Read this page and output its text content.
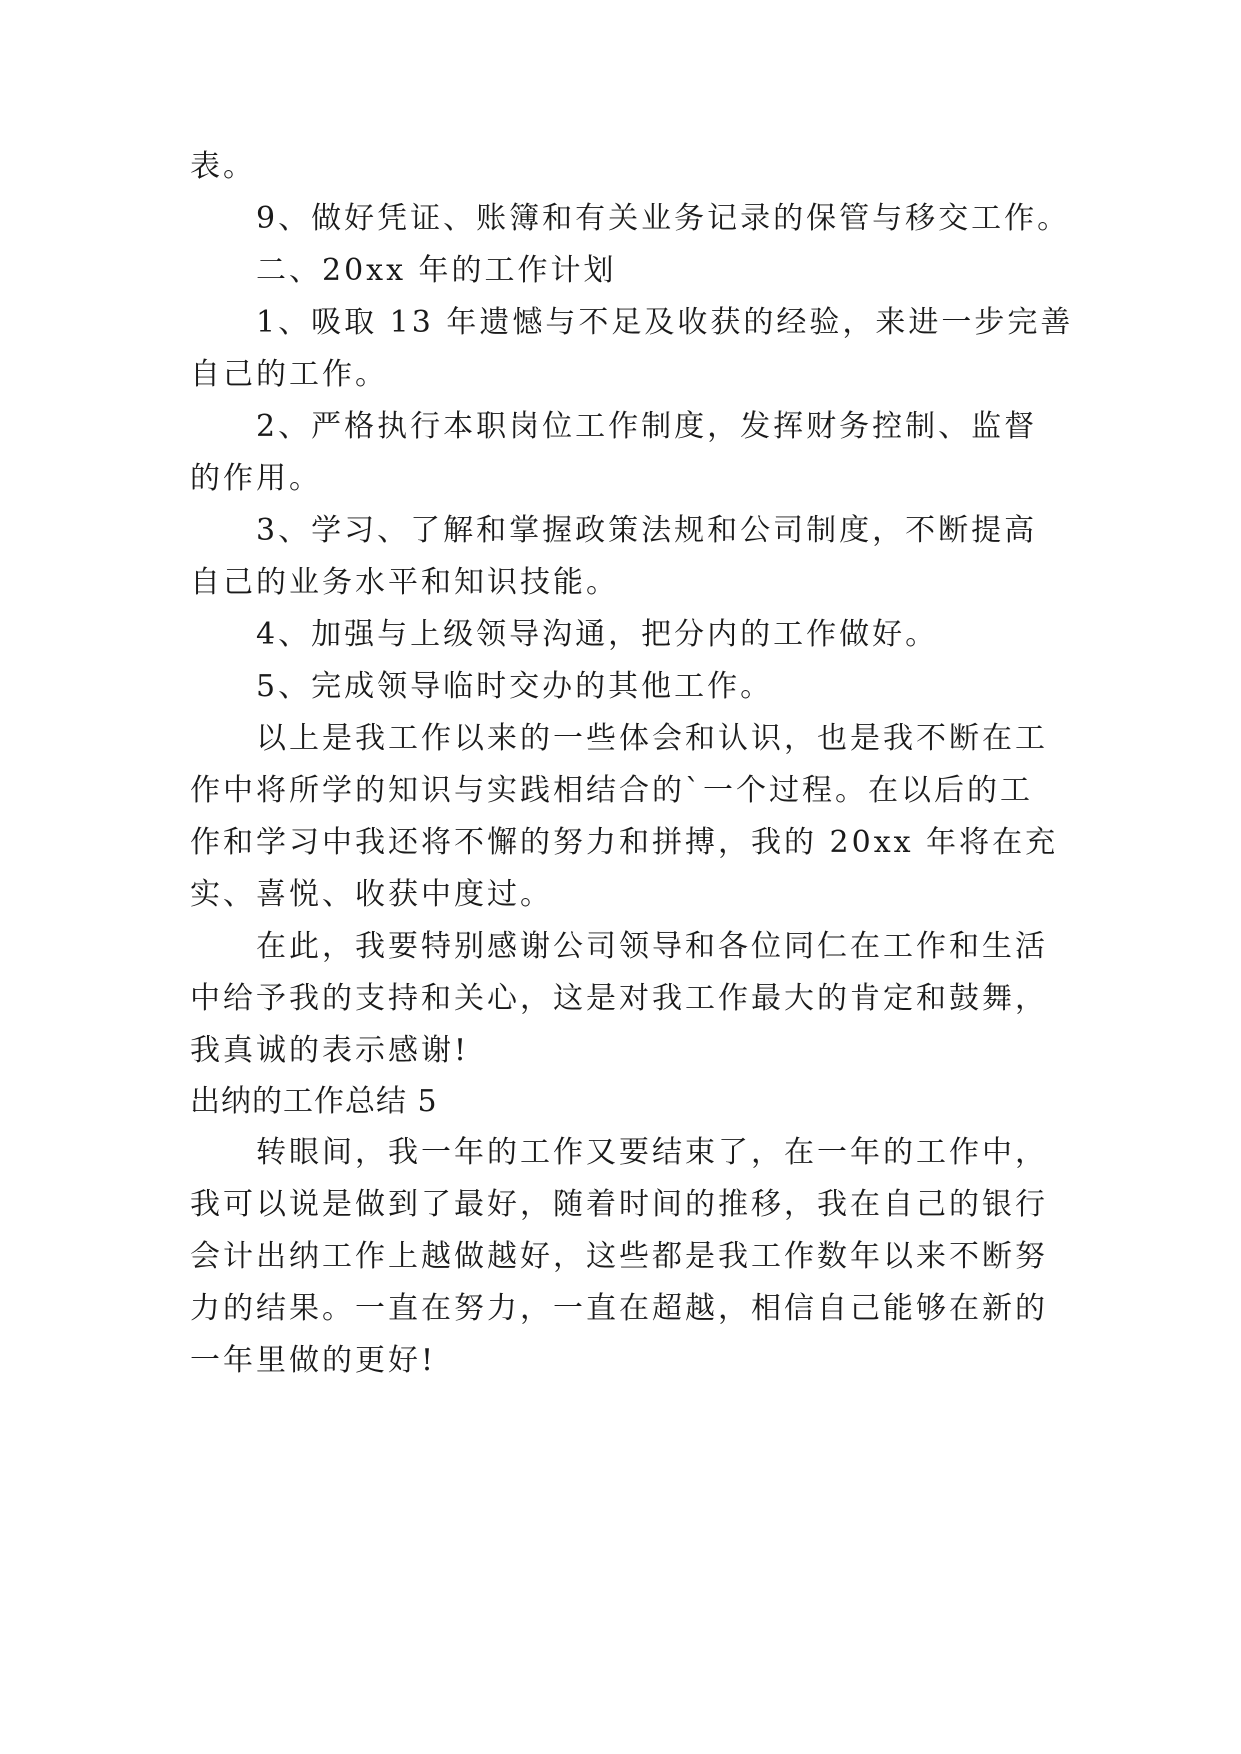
表。
9、做好凭证、账簿和有关业务记录的保管与移交工作。
二、20xx 年的工作计划
1、吸取 13 年遗憾与不足及收获的经验，来进一步完善
自己的工作。
2、严格执行本职岗位工作制度，发挥财务控制、监督
的作用。
3、学习、了解和掌握政策法规和公司制度，不断提高
自己的业务水平和知识技能。
4、加强与上级领导沟通，把分内的工作做好。
5、完成领导临时交办的其他工作。
以上是我工作以来的一些体会和认识，也是我不断在工
作中将所学的知识与实践相结合的`一个过程。在以后的工
作和学习中我还将不懈的努力和拼搏，我的 20xx 年将在充
实、喜悦、收获中度过。
在此，我要特别感谢公司领导和各位同仁在工作和生活
中给予我的支持和关心，这是对我工作最大的肯定和鼓舞，
我真诚的表示感谢!
出纳的工作总结 5
转眼间，我一年的工作又要结束了，在一年的工作中，
我可以说是做到了最好，随着时间的推移，我在自己的银行
会计出纳工作上越做越好，这些都是我工作数年以来不断努
力的结果。一直在努力，一直在超越，相信自己能够在新的
一年里做的更好!
